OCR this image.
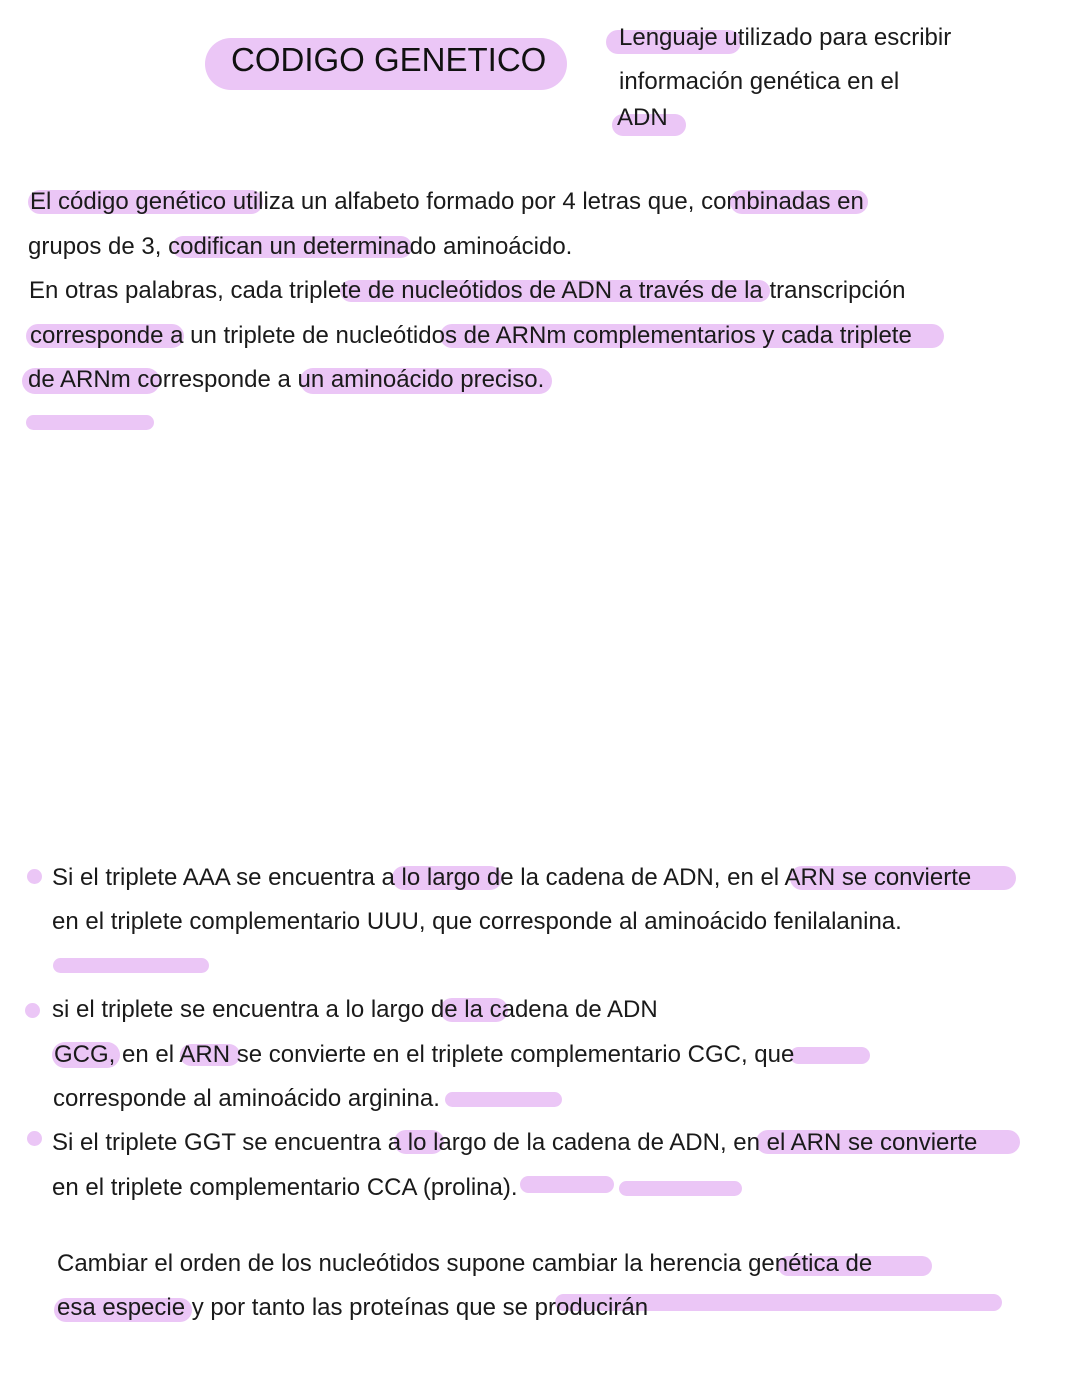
CODIGO GENETICO
Lenguaje utilizado para escribir
información genética en el
ADN
El código genético utiliza un alfabeto formado por 4 letras que, combinadas en
grupos de 3, codifican un determinado aminoácido.
En otras palabras, cada triplete de nucleótidos de ADN a través de la transcripción
corresponde a un triplete de nucleótidos de ARNm complementarios y cada triplete
de ARNm corresponde a un aminoácido preciso.
Si el triplete AAA se encuentra a lo largo de la cadena de ADN, en el ARN se convierte
en el triplete complementario UUU, que corresponde al aminoácido fenilalanina.
si el triplete se encuentra a lo largo de la cadena de ADN
GCG, en el ARN se convierte en el triplete complementario CGC, que
corresponde al aminoácido arginina.
Si el triplete GGT se encuentra a lo largo de la cadena de ADN, en el ARN se convierte
en el triplete complementario CCA (prolina).
Cambiar el orden de los nucleótidos supone cambiar la herencia genética de
esa especie y por tanto las proteínas que se producirán
